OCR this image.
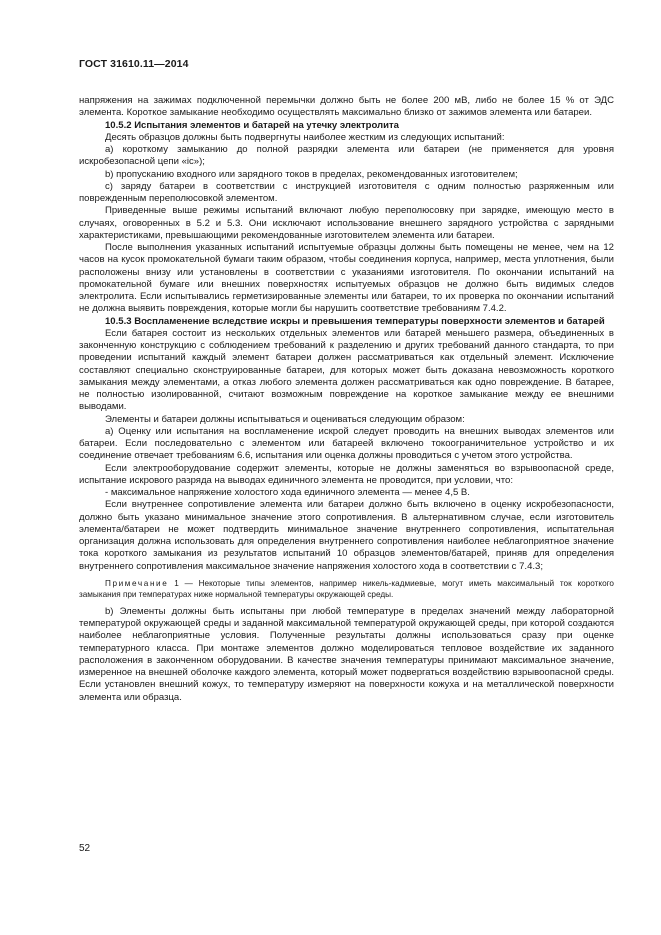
ГОСТ 31610.11—2014

напряжения на зажимах подключенной перемычки должно быть не более 200 мВ, либо не более 15 % от ЭДС элемента. Короткое замыкание необходимо осуществлять максимально близко от зажимов элемента или батареи.

10.5.2 Испытания элементов и батарей на утечку электролита

Десять образцов должны быть подвергнуты наиболее жестким из следующих испытаний:

a) короткому замыканию до полной разрядки элемента или батареи (не применяется для уровня искробезопасной цепи «ic»);

b) пропусканию входного или зарядного токов в пределах, рекомендованных изготовителем;

c) заряду батареи в соответствии с инструкцией изготовителя с одним полностью разряженным или поврежденным переполюсовкой элементом.

Приведенные выше режимы испытаний включают любую переполюсовку при зарядке, имеющую место в случаях, оговоренных в 5.2 и 5.3. Они исключают использование внешнего зарядного устройства с зарядными характеристиками, превышающими рекомендованные изготовителем элемента или батареи.

После выполнения указанных испытаний испытуемые образцы должны быть помещены не менее, чем на 12 часов на кусок промокательной бумаги таким образом, чтобы соединения корпуса, например, места уплотнения, были расположены внизу или установлены в соответствии с указаниями изготовителя. По окончании испытаний на промокательной бумаге или внешних поверхностях испытуемых образцов не должно быть видимых следов электролита. Если испытывались герметизированные элементы или батареи, то их проверка по окончании испытаний не должна выявить повреждения, которые могли бы нарушить соответствие требованиям 7.4.2.

10.5.3 Воспламенение вследствие искры и превышения температуры поверхности элементов и батарей

Если батарея состоит из нескольких отдельных элементов или батарей меньшего размера, объединенных в законченную конструкцию с соблюдением требований к разделению и других требований данного стандарта, то при проведении испытаний каждый элемент батареи должен рассматриваться как отдельный элемент. Исключение составляют специально сконструированные батареи, для которых может быть доказана невозможность короткого замыкания между элементами, а отказ любого элемента должен рассматриваться как одно повреждение. В батарее, не полностью изолированной, считают возможным повреждение на короткое замыкание между ее внешними выводами.

Элементы и батареи должны испытываться и оцениваться следующим образом:

a) Оценку или испытания на воспламенение искрой следует проводить на внешних выводах элементов или батареи. Если последовательно с элементом или батареей включено токоограничительное устройство и их соединение отвечает требованиям 6.6, испытания или оценка должны проводиться с учетом этого устройства.

Если электрооборудование содержит элементы, которые не должны заменяться во взрывоопасной среде, испытание искрового разряда на выводах единичного элемента не проводится, при условии, что:

- максимальное напряжение холостого хода единичного элемента — менее 4,5 В.

Если внутреннее сопротивление элемента или батареи должно быть включено в оценку искробезопасности, должно быть указано минимальное значение этого сопротивления. В альтернативном случае, если изготовитель элемента/батареи не может подтвердить минимальное значение внутреннего сопротивления, испытательная организация должна использовать для определения внутреннего сопротивления наиболее неблагоприятное значение тока короткого замыкания из результатов испытаний 10 образцов элементов/батарей, приняв для определения внутреннего сопротивления максимальное значение напряжения холостого хода в соответствии с 7.4.3;

Примечание 1 — Некоторые типы элементов, например никель-кадмиевые, могут иметь максимальный ток короткого замыкания при температурах ниже нормальной температуры окружающей среды.

b) Элементы должны быть испытаны при любой температуре в пределах значений между лабораторной температурой окружающей среды и заданной максимальной температурой окружающей среды, при которой создаются наиболее неблагоприятные условия. Полученные результаты должны использоваться сразу при оценке температурного класса. При монтаже элементов должно моделироваться тепловое воздействие их заданного расположения в законченном оборудовании. В качестве значения температуры принимают максимальное значение, измеренное на внешней оболочке каждого элемента, который может подвергаться воздействию взрывоопасной среды. Если установлен внешний кожух, то температуру измеряют на поверхности кожуха и на металлической поверхности элемента или образца.

52
